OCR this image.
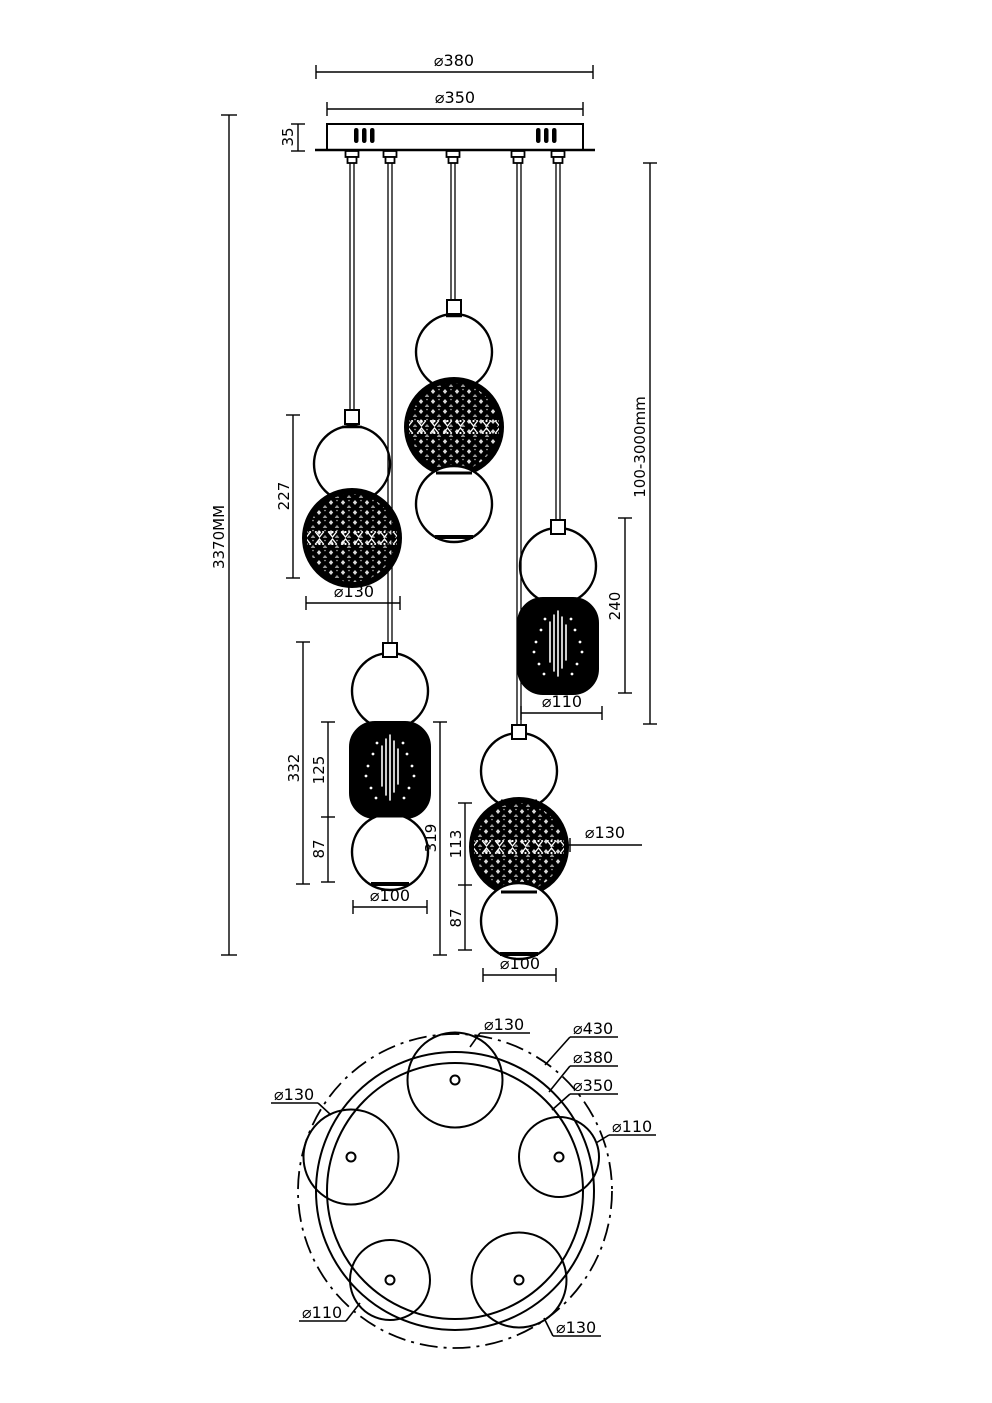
⌀380
⌀350
35
3370MM
100-3000mm
227
⌀130
332 125
87
⌀100
319 113
87
⌀100
⌀130
240
⌀110
⌀130	⌀430
⌀380
⌀350
⌀110
⌀130
⌀110
⌀130
